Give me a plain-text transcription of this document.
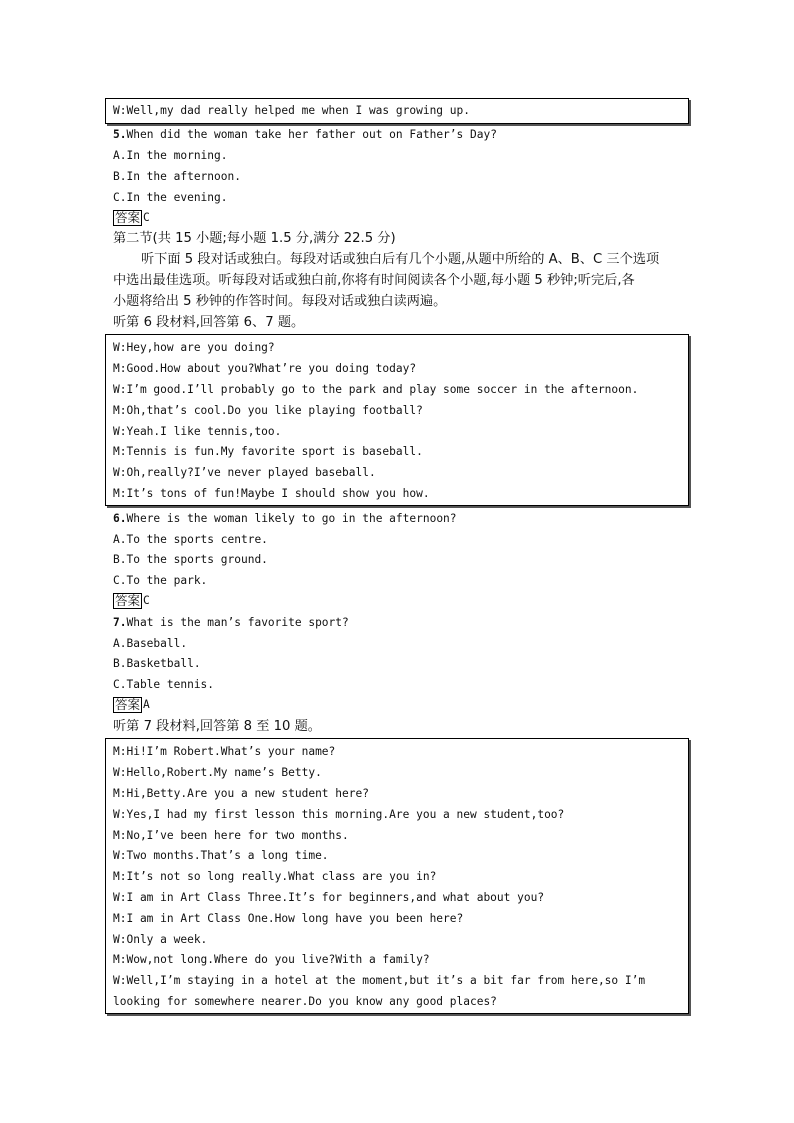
W:Well,my dad really helped me when I was growing up.
5.When did the woman take her father out on Father’s Day?
A.In the morning.
B.In the afternoon.
C.In the evening.
答案 C
第二节(共 15 小题;每小题 1.5 分,满分 22.5 分)
听下面 5 段对话或独白。每段对话或独白后有几个小题,从题中所给的 A、B、C 三个选项
中选出最佳选项。听每段对话或独白前,你将有时间阅读各个小题,每小题 5 秒钟;听完后,各
小题将给出 5 秒钟的作答时间。每段对话或独白读两遍。
听第 6 段材料,回答第 6、7 题。
W:Hey,how are you doing?
M:Good.How about you?What’re you doing today?
W:I’m good.I’ll probably go to the park and play some soccer in the afternoon.
M:Oh,that’s cool.Do you like playing football?
W:Yeah.I like tennis,too.
M:Tennis is fun.My favorite sport is baseball.
W:Oh,really?I’ve never played baseball.
M:It’s tons of fun!Maybe I should show you how.
6.Where is the woman likely to go in the afternoon?
A.To the sports centre.
B.To the sports ground.
C.To the park.
答案 C
7.What is the man’s favorite sport?
A.Baseball.
B.Basketball.
C.Table tennis.
答案 A
听第 7 段材料,回答第 8 至 10 题。
M:Hi!I’m Robert.What’s your name?
W:Hello,Robert.My name’s Betty.
M:Hi,Betty.Are you a new student here?
W:Yes,I had my first lesson this morning.Are you a new student,too?
M:No,I’ve been here for two months.
W:Two months.That’s a long time.
M:It’s not so long really.What class are you in?
W:I am in Art Class Three.It’s for beginners,and what about you?
M:I am in Art Class One.How long have you been here?
W:Only a week.
M:Wow,not long.Where do you live?With a family?
W:Well,I’m staying in a hotel at the moment,but it’s a bit far from here,so I’m
looking for somewhere nearer.Do you know any good places?
